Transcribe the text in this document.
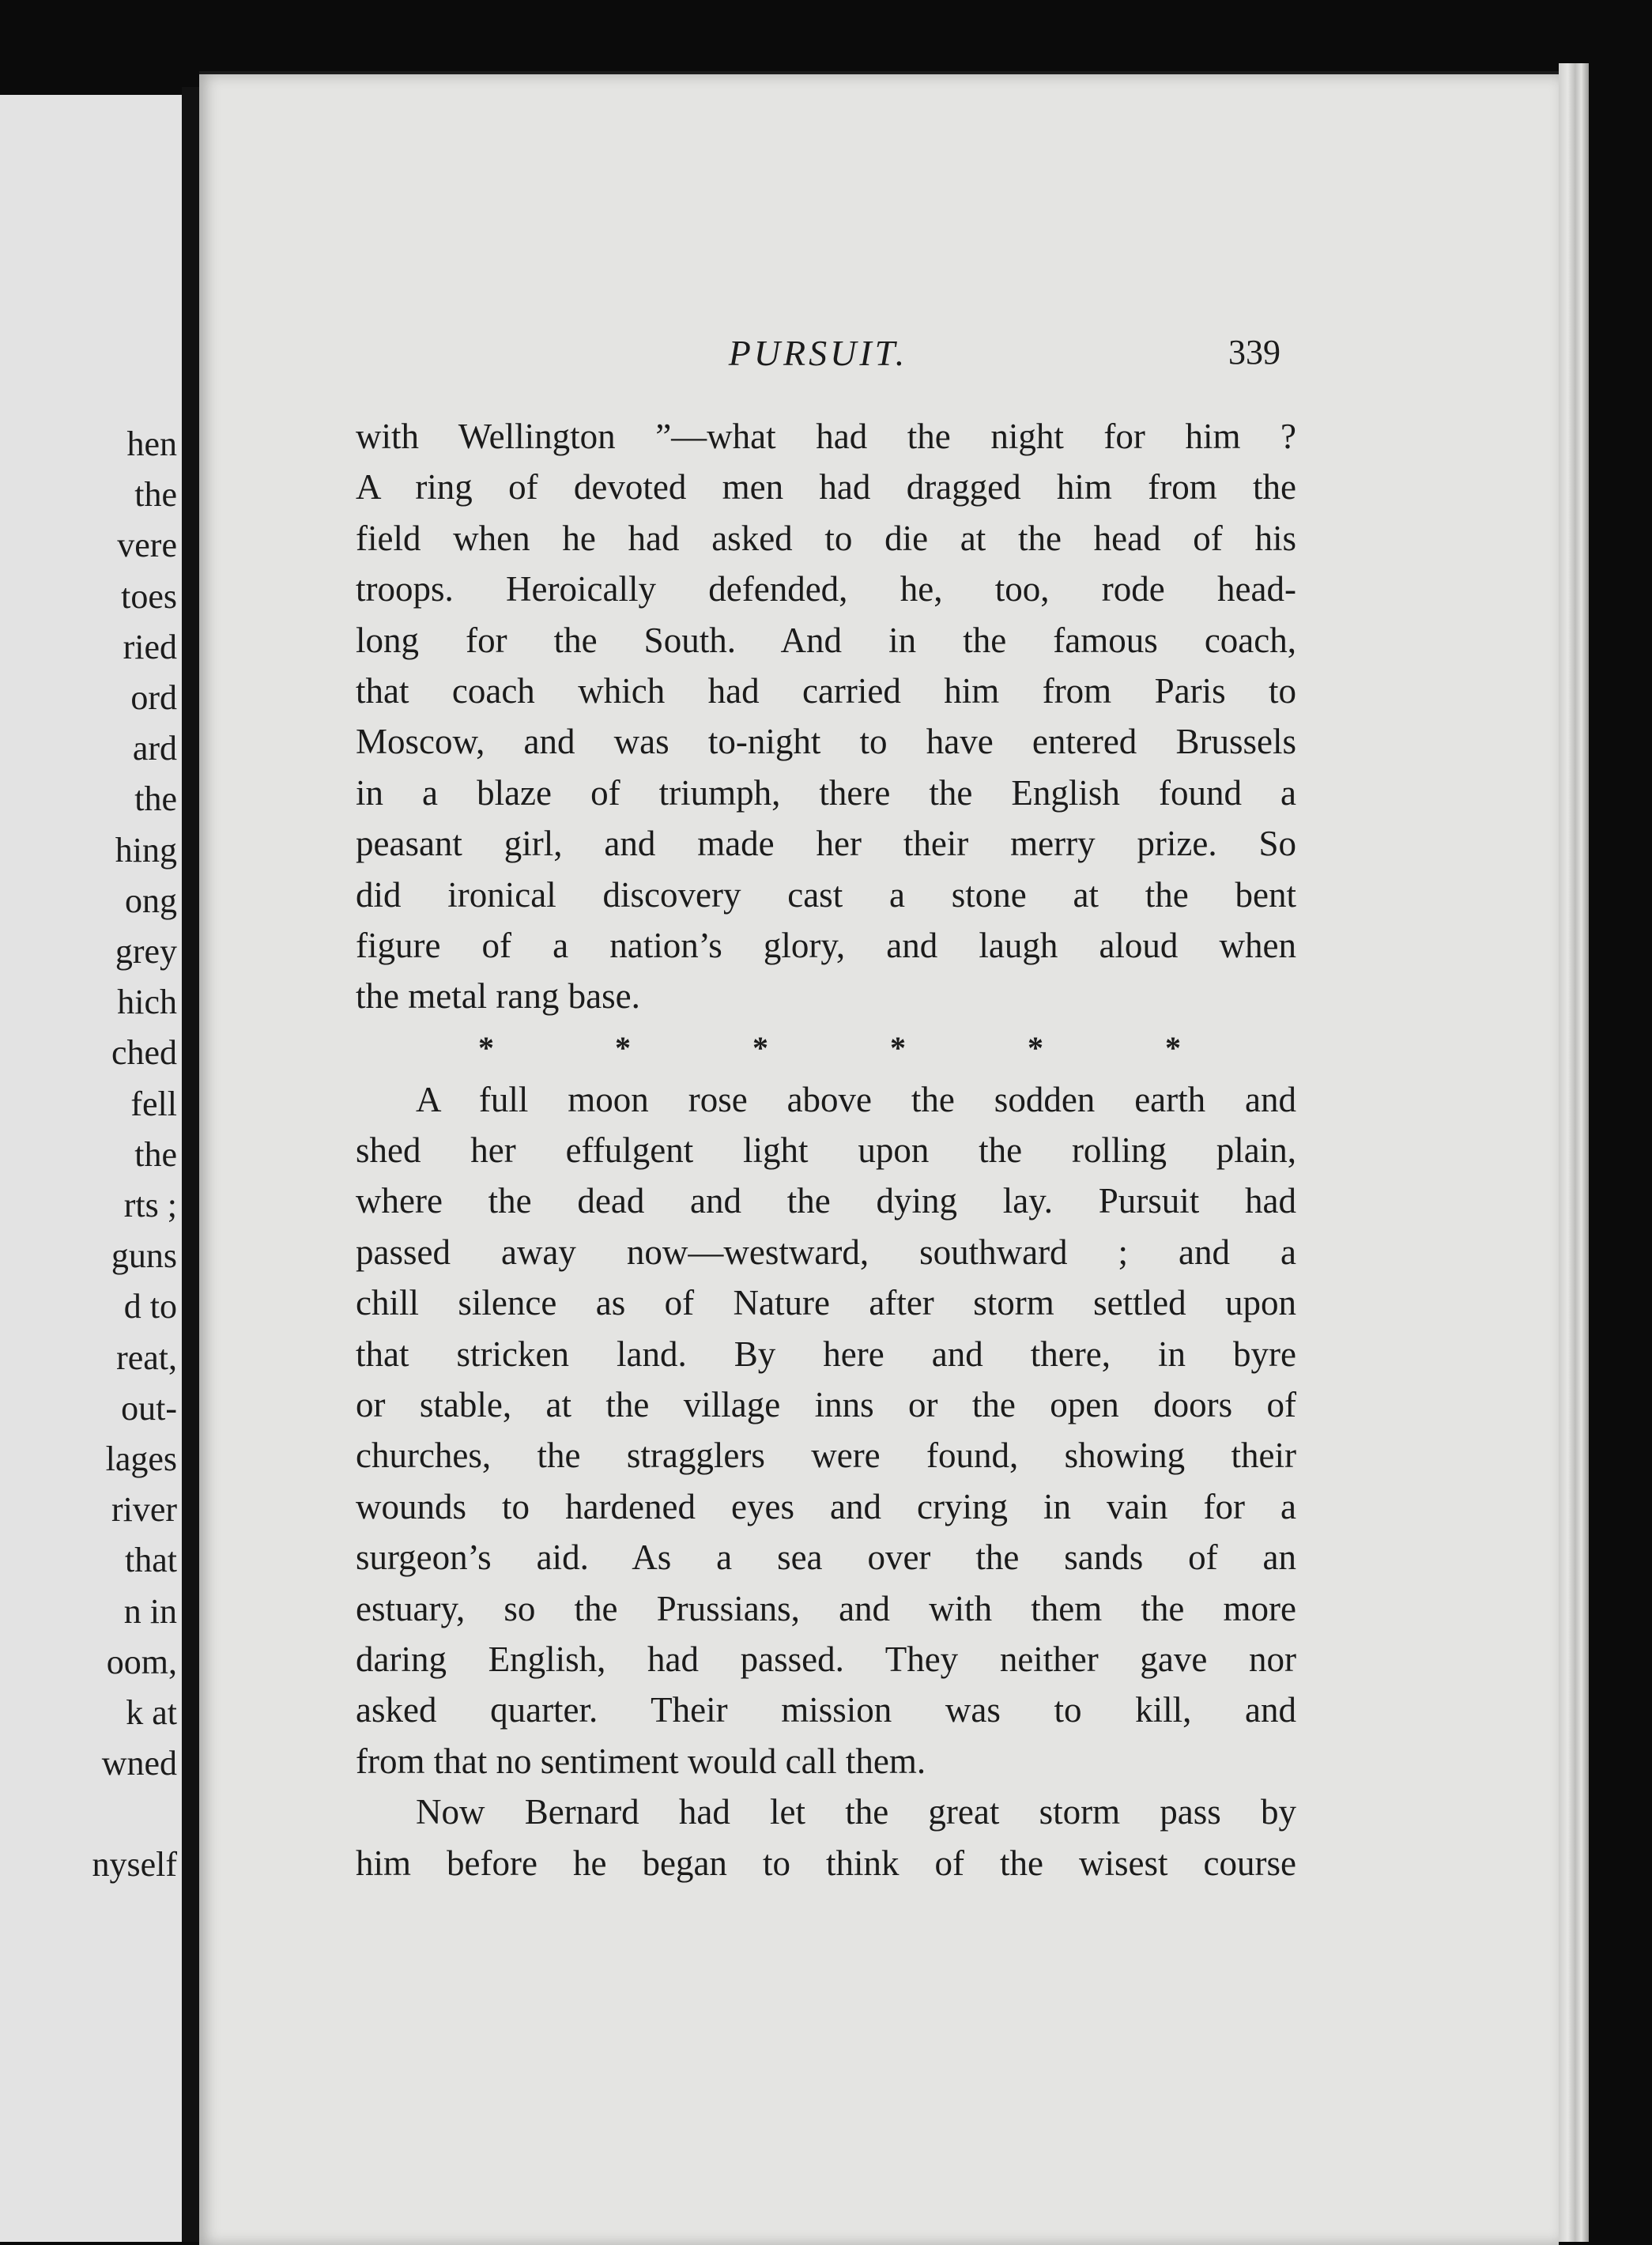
hen
the
vere
toes
ried
ord
ard
the
hing
ong
grey
hich
ched
fell
the
rts ;
guns
d to
reat,
out-
lages
river
that
n in
oom,
k at
wned
nyself
PURSUIT.	339
with Wellington ”—what had the night for him ?
A ring of devoted men had dragged him from the
field when he had asked to die at the head of his
troops. Heroically defended, he, too, rode head-
long for the South. And in the famous coach,
that coach which had carried him from Paris to
Moscow, and was to-night to have entered Brussels
in a blaze of triumph, there the English found a
peasant girl, and made her their merry prize. So
did ironical discovery cast a stone at the bent
figure of a nation’s glory, and laugh aloud when
the metal rang base.
*	*	*	*	*	*
A full moon rose above the sodden earth and
shed her effulgent light upon the rolling plain,
where the dead and the dying lay. Pursuit had
passed away now—westward, southward ; and a
chill silence as of Nature after storm settled upon
that stricken land. By here and there, in byre
or stable, at the village inns or the open doors of
churches, the stragglers were found, showing their
wounds to hardened eyes and crying in vain for a
surgeon’s aid. As a sea over the sands of an
estuary, so the Prussians, and with them the more
daring English, had passed. They neither gave nor
asked quarter. Their mission was to kill, and
from that no sentiment would call them.
Now Bernard had let the great storm pass by
him before he began to think of the wisest course
